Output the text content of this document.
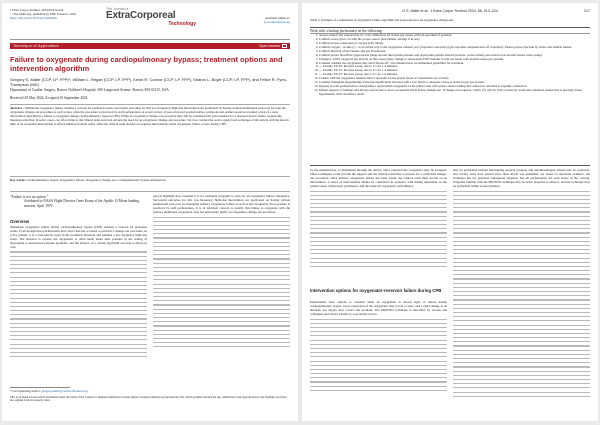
J Extra Corpor Technol. 2024;56:214-224
© The Author(s), published by EDP Sciences, 2024
https://doi.org/10.1051/ject/2024026
The Journal of
ExtraCorporeal
Technology
Available online at:
ject.edpsciences.org
Technique of Application	Open Access
Failure to oxygenate during cardiopulmonary bypass; treatment options and intervention algorithm
Gregory S. Matte (CCP, LP, FPP)*, William L. Regan (CCP, LP, FPP), Kevin R. Connor (CCP, LP, FPP), Sharon L. Boyle (CCP, LP, FPP), and Felice R. Fynn-Thompson (MD)
Department of Cardiac Surgery, Boston Children's Hospital, 300 Longwood Avenue, Boston, MA 02115, USA
Received 29 May 2024, Accepted 16 September 2024
Abstract – Membrane oxygenator failure remains a concern for perfusion teams. Successful outcomes for this low-frequency, high-risk intervention are predicated on having written institutional protocols for both the oxygenator change-out procedure as well as how often the procedure is practiced by staff perfusionists. A recent review of peer-reviewed journal articles, textbooks and online resources revealed a lack of a clear intervention algorithm for failure to oxygenate during cardiopulmonary bypass (CPB). While an oxygenator change-out procedure may still be considered the gold standard for a diseased device failure, sequencing measures exist that, in select cases, can afford time to the clinical team and even obviate the need for an oxygenator change-out procedure. We now conduct the source guide back technique of this article with the known limit of an escalation intervention to afford enhanced patient safety while the clinical team decides on required interventions when oxygenator failure occurs during CPB.
Key words: Cardiopulmonary bypass, Oxygenator failure, Oxygenator change-out, Cardiopulmonary bypass emergencies
"Failure is not an option."
Attributed to NASA Flight Director Gene Kranz of the Apollo 13 Moon landing mission, April 1970.
Overview
Membrane oxygenator failure during cardiopulmonary bypass (CPB) remains a concern for perfusion teams. Even though most perfusionists have never had the occasion to perform a change-out procedure on a live patient, it is a well-known event in the perfusion literature and remains a low-frequency high-risk event. The decision to replace the oxygenator is often made under time pressure in the setting of hypoxemia or unexpected pressure gradients, and the absence of a written algorithm can lead to delays in care.
reports highlight how essential it is for perfusion programs to plan for an oxygenator failure emergency. Successful outcomes for this low-frequency, high-risk intervention are predicated on having written institutional protocols for managing primary oxygenator failure as well as how frequently the procedure is practiced by staff perfusionists. It is of principal concern to qualify that failure to oxygenate with the primary membrane oxygenator does not universally justify an oxygenator change-out procedure.
*Corresponding author: gregory.matte@cardio.chboston.org
This is an Open Access article distributed under the terms of the Creative Commons Attribution License (https://creativecommons.org/licenses/by/4.0), which permits unrestricted use, distribution, and reproduction in any medium, provided the original work is properly cited.
G.S. Matte et al.: J Extra Corpor Technol 2024, 56, 214–224	217
Table 5. Example of a summation of oxygenator failure algorithm and preparation for an oxygenator change-out.
Work with a backup perfusionist on the following:
1. Assess arterial and venous lines for color differences (if in-line gas values with lab specimen if possible.
2. Confirm sweep gas is on with the proper source (and blender settings if in use).
3. Confirm proper connection of oxygen (O2) tubing.
4. Confirm oxygen – in-line (/) – is on all the way to the oxygenator exhaust port (vaporizer caps/ports) (gas vaporizer adequate/turn off vaporizer). Ensure proper function by tactile and audible means.
5. Confirm function of the blender and gas flowmeters.
6. Confirm proper bloodflow (appropriate pump arterial line/system pressure and appropriate patient arterial pressure, correct tubing size selected on arterial/venous roller pump).
7. Change to 100% oxygen if not already on that sweep (may change to stand-alone FiO2 blender to rule out issues with normal sweep gas system).
8. Consider whether the oxygenator may need 'blown off'. Use manufacturer recommended guidelines for treatment.
9. — Terumo FX-05: Increase sweep rate to 1:1 for 1-2 minutes.
10. — Terumo FX-15: Increase sweep rate to 2:1 for 1-2 minutes.
11. — Terumo FX-25: Increase sweep rate to 2:1 for 1-2 minutes.
12. Consult with the oxygenator manufacturer's specialist on the proper mode of consultation (to contact).
13. Consider malignant hyperthermia if the QA significantly elevated with a low SpO2 or adequate sweep is in the sweep gas system.
14. Request second perfusionist to clean/prime a replacement oxygenator in the pump room with quick-connect tubing and connectors attached to expedite connection.
15. Inform surgeon of findings and discuss action plan to lower acceptable PaO2 before change-out. If change-out required, clarify if it will be with a relatively warm and ventilated patient that is ejecting versus hypothermic with circulatory arrest.
by the manufacturer, is maintained through the device. Once prepared the oxygenator may be swapped. These techniques could provide the surgeon and the clinical team time to prepare for a controlled change-out procedure. Once primary oxygenator failure has been found, the clinical team must decide on an intervention. A series of interventions should be considered in sequence with timing dependent on the patient status, physiologic parameters, and the observed oxygenator performance.
Intervention options for oxygenator-reservoir failure during CPB
Perfusionists have options to consider when an oxygenator is shown signs of failure during cardiopulmonary bypass. Gross inspection of the oxygenator may reveal a cause, and a rapid change to an alternate gas supply may correct the problem. The PRONTO technique is described by Groom and colleagues and allows transfer to a secondary device.
may be performed without interrupting surgical progress and anesthesiologists should also be contacted. Our twenty years have passed since their article was published, yet based on anecdotal evidence, the technique has not garnered widespread adoption. Not all perfusionists are even aware of the concept. Programs familiar with the PRONTO technique may be better prepared to adopt it, and the technique may be performed within several minutes.
